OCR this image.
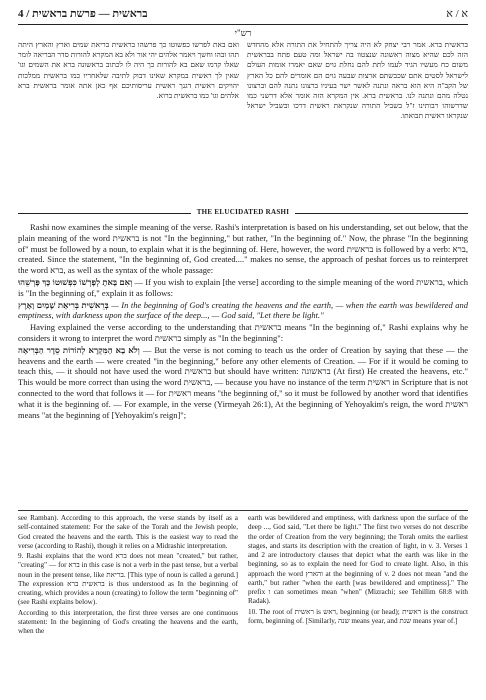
4 / בראשית — פרשת בראשית	א / א
רש"י
בראשית ברא. אמר רבי יצחק לא היה צריך להתחיל את התורה אלא מהחדש הזה לכם שהיא מצוה ראשונה שנצטוו בה ישראל ומה טעם פתח בבראשית משום כח מעשיו הגיד לעמו לתת להם נחלת גוים שאם יאמרו אומות העולם לישראל לסטים אתם שכבשתם ארצות שבעה גוים הם אומרים להם כל הארץ של הקב"ה היא הוא בראה ונתנה לאשר ישר בעיניו ברצונו נתנה להם וברצונו נטלה מהם ונתנה לנו. בראשית ברא. אין המקרא הזה אומר אלא דרשני כמו שדרשוהו רבותינו ז"ל בשביל התורה שנקראת ראשית דרכו ובשביל ישראל שנקראו ראשית תבואתו.
ואם באת לפרשו כפשוטו כך פרשהו בראשית בריאת שמים וארץ והארץ היתה תהו ובהו וחשך ויאמר אלהים יהי אור ולא בא המקרא להורות סדר הבריאה לומר שאלו קדמו שאם בא להורות כך היה לו לכתוב בראשונה ברא את השמים וגו' שאין לך ראשית במקרא שאינו דבוק לתיבה שלאחריו כמו בראשית ממלכות יהויקים ראשית דגנך ראשית עריסותיכם אף כאן אתה אומר בראשית ברא אלהים וגו' כמו בראשית ברוא.
THE ELUCIDATED RASHI

Rashi now examines the simple meaning of the verse. Rashi's interpretation is based on his understanding, set out below, that the plain meaning of the word בראשית is not "In the beginning," but rather, "In the beginning of." Now, the phrase "In the beginning of" must be followed by a noun, to explain what it is the beginning of. Here, however, the word בראשית is followed by a verb: ברא, created. Since the statement, "In the beginning of, God created...." makes no sense, the approach of peshat forces us to reinterpret the word ברא, as well as the syntax of the whole passage:

וְאִם בָּאתָ לְפָרְשׁוֹ כִּפְשׁוּטוֹ כָּךְ פָּרְשֵׁהוּ — If you wish to explain [the verse] according to the simple meaning of the word בראשית, which is "In the beginning of," explain it as follows:

בְּרֵאשִׁית בְּרִיאַת שָׁמַיִם וָאָרֶץ — In the beginning of God's creating the heavens and the earth, — when the earth was bewildered and emptiness, with darkness upon the surface of the deep..., — God said, "Let there be light."

Having explained the verse according to the understanding that בראשית means "In the beginning of," Rashi explains why he considers it wrong to interpret the word בראשית simply as "In the beginning":

וְלֹא בָא הַמִּקְרָא לְהוֹרוֹת סֵדֶר הַבְּרִיאָה — But the verse is not coming to teach us the order of Creation by saying that these — the heavens and the earth — were created "in the beginning," before any other elements of Creation. — For if it would be coming to teach this, — it should not have used the word בראשית but should have written: בראשונה (At first) He created the heavens, etc." This would be more correct than using the word בראשית, — because you have no instance of the term ראשית in Scripture that is not connected to the word that follows it — for ראשית means "the beginning of," so it must be followed by another word that identifies what it is the beginning of. — For example, in the verse (Yirmeyah 26:1), At the beginning of Yehoyakim's reign, the word ראשית means "at the beginning of [Yehoyakim's reign]";

see Ramban). According to this approach, the verse stands by itself as a self-contained statement: For the sake of the Torah and the Jewish people, God created the heavens and the earth. This is the easiest way to read the verse (according to Rashi), though it relies on a Midrashic interpretation.

9. Rashi explains that the word ברא does not mean "created," but rather, "creating" — for ברא in this case is not a verb in the past tense, but a verbal noun in the present tense, like בריאת. [This type of noun is called a gerund.] The expression בראשית ברא is thus understood as In the beginning of creating, which provides a noun (creating) to follow the term "beginning of" (see Rashi explains below).

According to this interpretation, the first three verses are one continuous statement: In the beginning of God's creating the heavens and the earth, when the

earth was bewildered and emptiness, with darkness upon the surface of the deep ..., God said, "Let there be light." The first two verses do not describe the order of Creation from the very beginning; the Torah omits the earliest stages, and starts its description with the creation of light, in v. 3. Verses 1 and 2 are introductory clauses that depict what the earth was like in the beginning, so as to explain the need for God to create light. Also, in this approach the word והארץ at the beginning of v. 2 does not mean "and the earth," but rather "when the earth [was bewildered and emptiness]." The prefix ו can sometimes mean "when" (Mizrachi; see Tehillim 68:8 with Radak).

10. The root of ראשית is ראש, beginning (or head); ראשית is the construct form, beginning of. [Similarly, שנה means year, and שנת means year of.]
